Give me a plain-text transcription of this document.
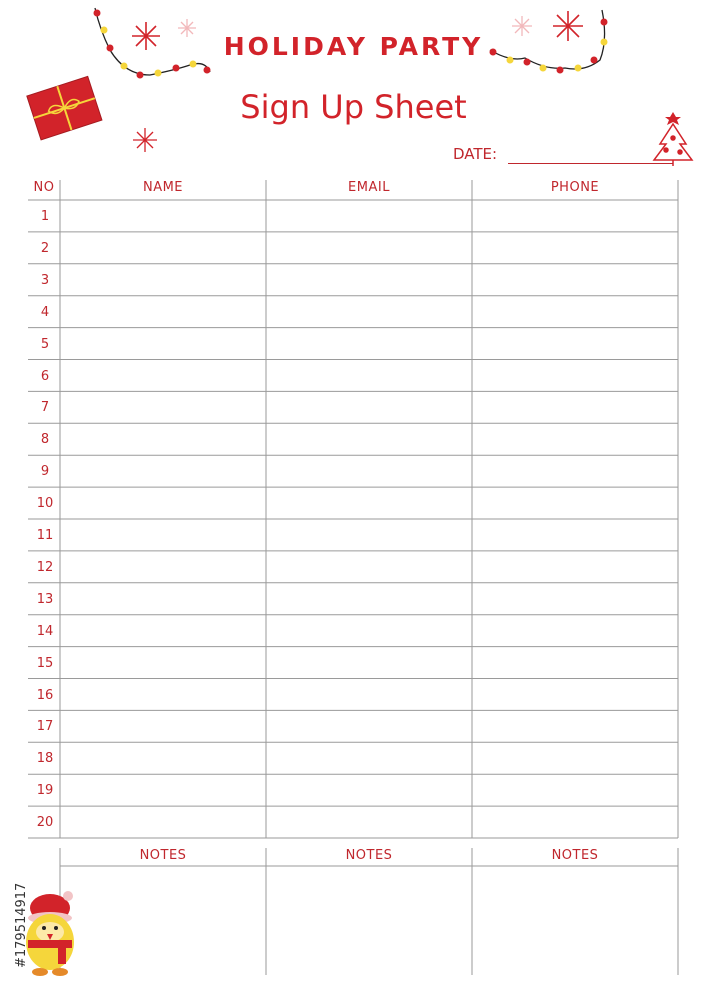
HOLIDAY PARTY
Sign Up Sheet
DATE:
NO	NAME	EMAIL	PHONE
1
2
3
4
5
6
7
8
9
10
11
12
13
14
15
16
17
18
19
20
NOTES	NOTES	NOTES
#179514917
